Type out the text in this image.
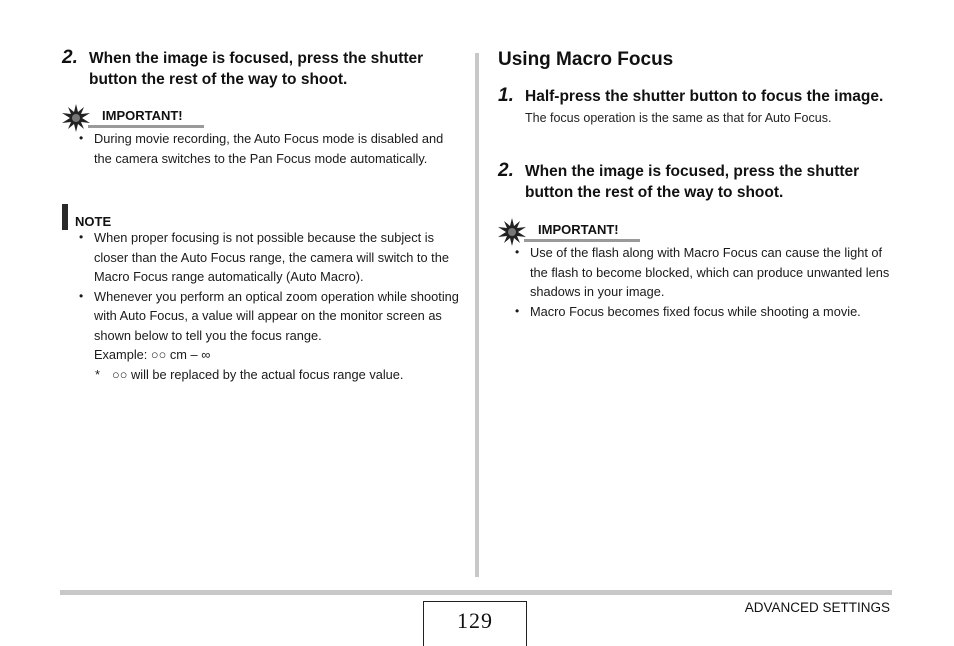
2. When the image is focused, press the shutter button the rest of the way to shoot.
IMPORTANT!
• During movie recording, the Auto Focus mode is disabled and the camera switches to the Pan Focus mode automatically.
NOTE
• When proper focusing is not possible because the subject is closer than the Auto Focus range, the camera will switch to the Macro Focus range automatically (Auto Macro).
• Whenever you perform an optical zoom operation while shooting with Auto Focus, a value will appear on the monitor screen as shown below to tell you the focus range.
Example: ○○ cm – ∞
* ○○ will be replaced by the actual focus range value.
Using Macro Focus
1. Half-press the shutter button to focus the image.
The focus operation is the same as that for Auto Focus.
2. When the image is focused, press the shutter button the rest of the way to shoot.
IMPORTANT!
• Use of the flash along with Macro Focus can cause the light of the flash to become blocked, which can produce unwanted lens shadows in your image.
• Macro Focus becomes fixed focus while shooting a movie.
129
ADVANCED SETTINGS
